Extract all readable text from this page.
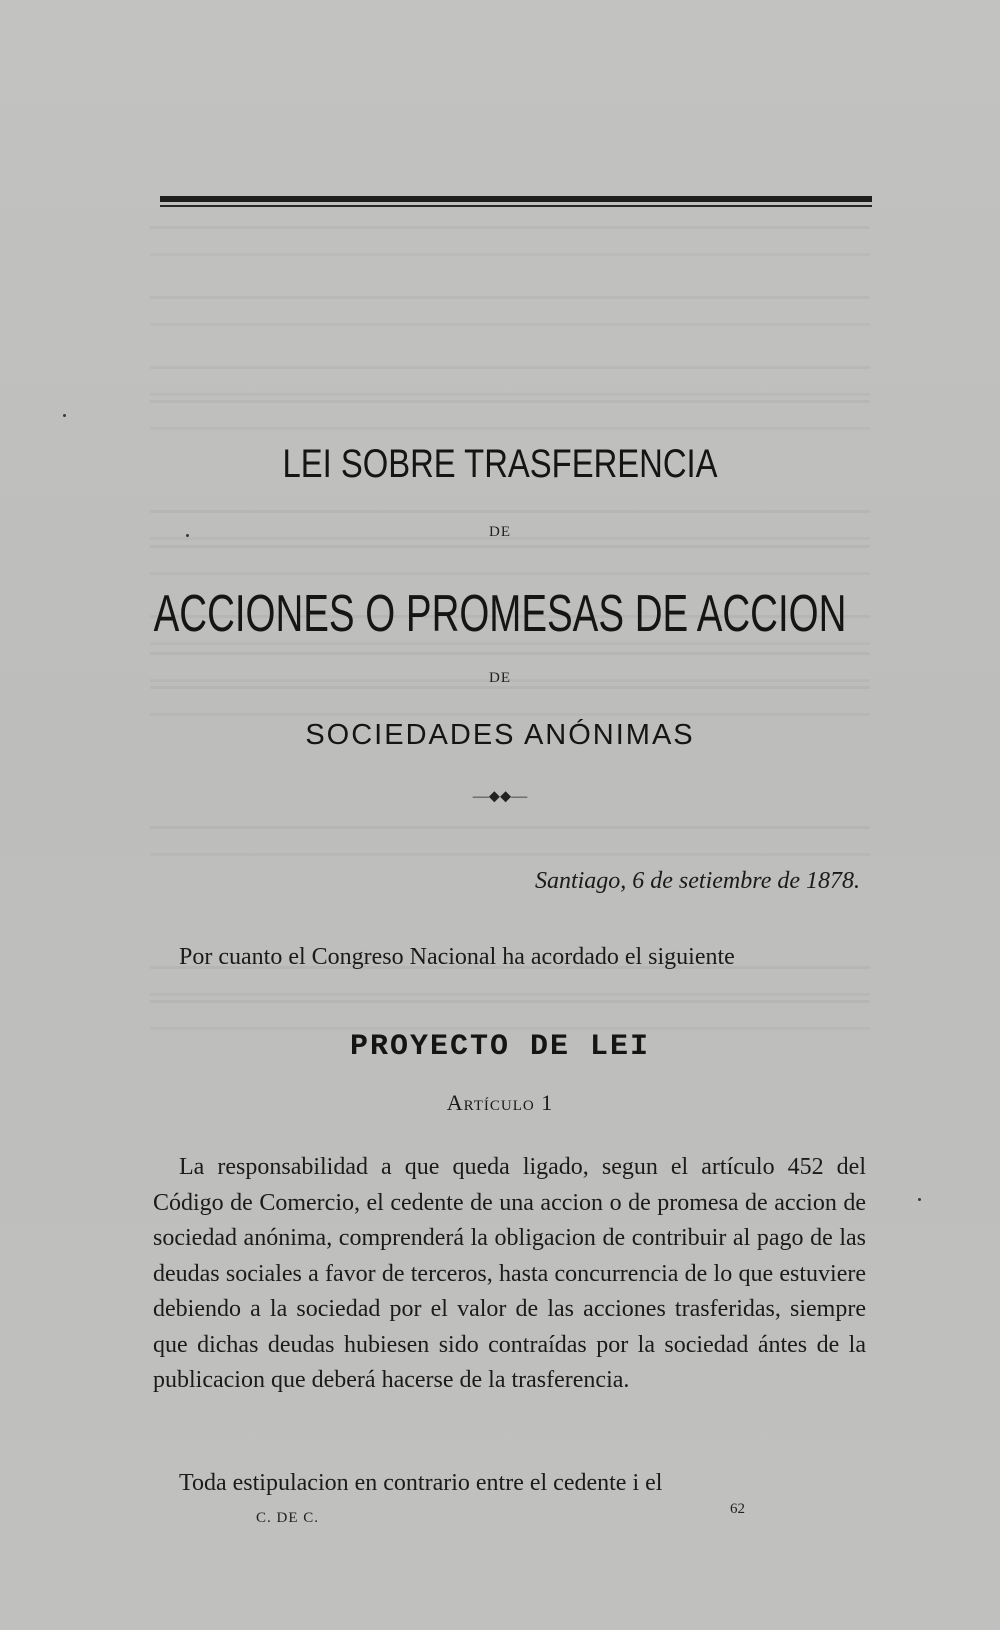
LEI SOBRE TRASFERENCIA
DE
ACCIONES O PROMESAS DE ACCION
DE
SOCIEDADES ANÓNIMAS
—⬥⬥—
Santiago, 6 de setiembre de 1878.

Por cuanto el Congreso Nacional ha acordado el siguiente

PROYECTO DE LEI
Artículo 1

La responsabilidad a que queda ligado, segun el artículo 452 del Código de Comercio, el cedente de una accion o de promesa de accion de sociedad anónima, comprenderá la obligacion de contribuir al pago de las deudas sociales a favor de terceros, hasta concurrencia de lo que estuviere debiendo a la sociedad por el valor de las acciones trasferidas, siempre que dichas deudas hubiesen sido contraídas por la sociedad ántes de la publicacion que deberá hacerse de la trasferencia.

Toda estipulacion en contrario entre el cedente i el

C. DE C.
62
